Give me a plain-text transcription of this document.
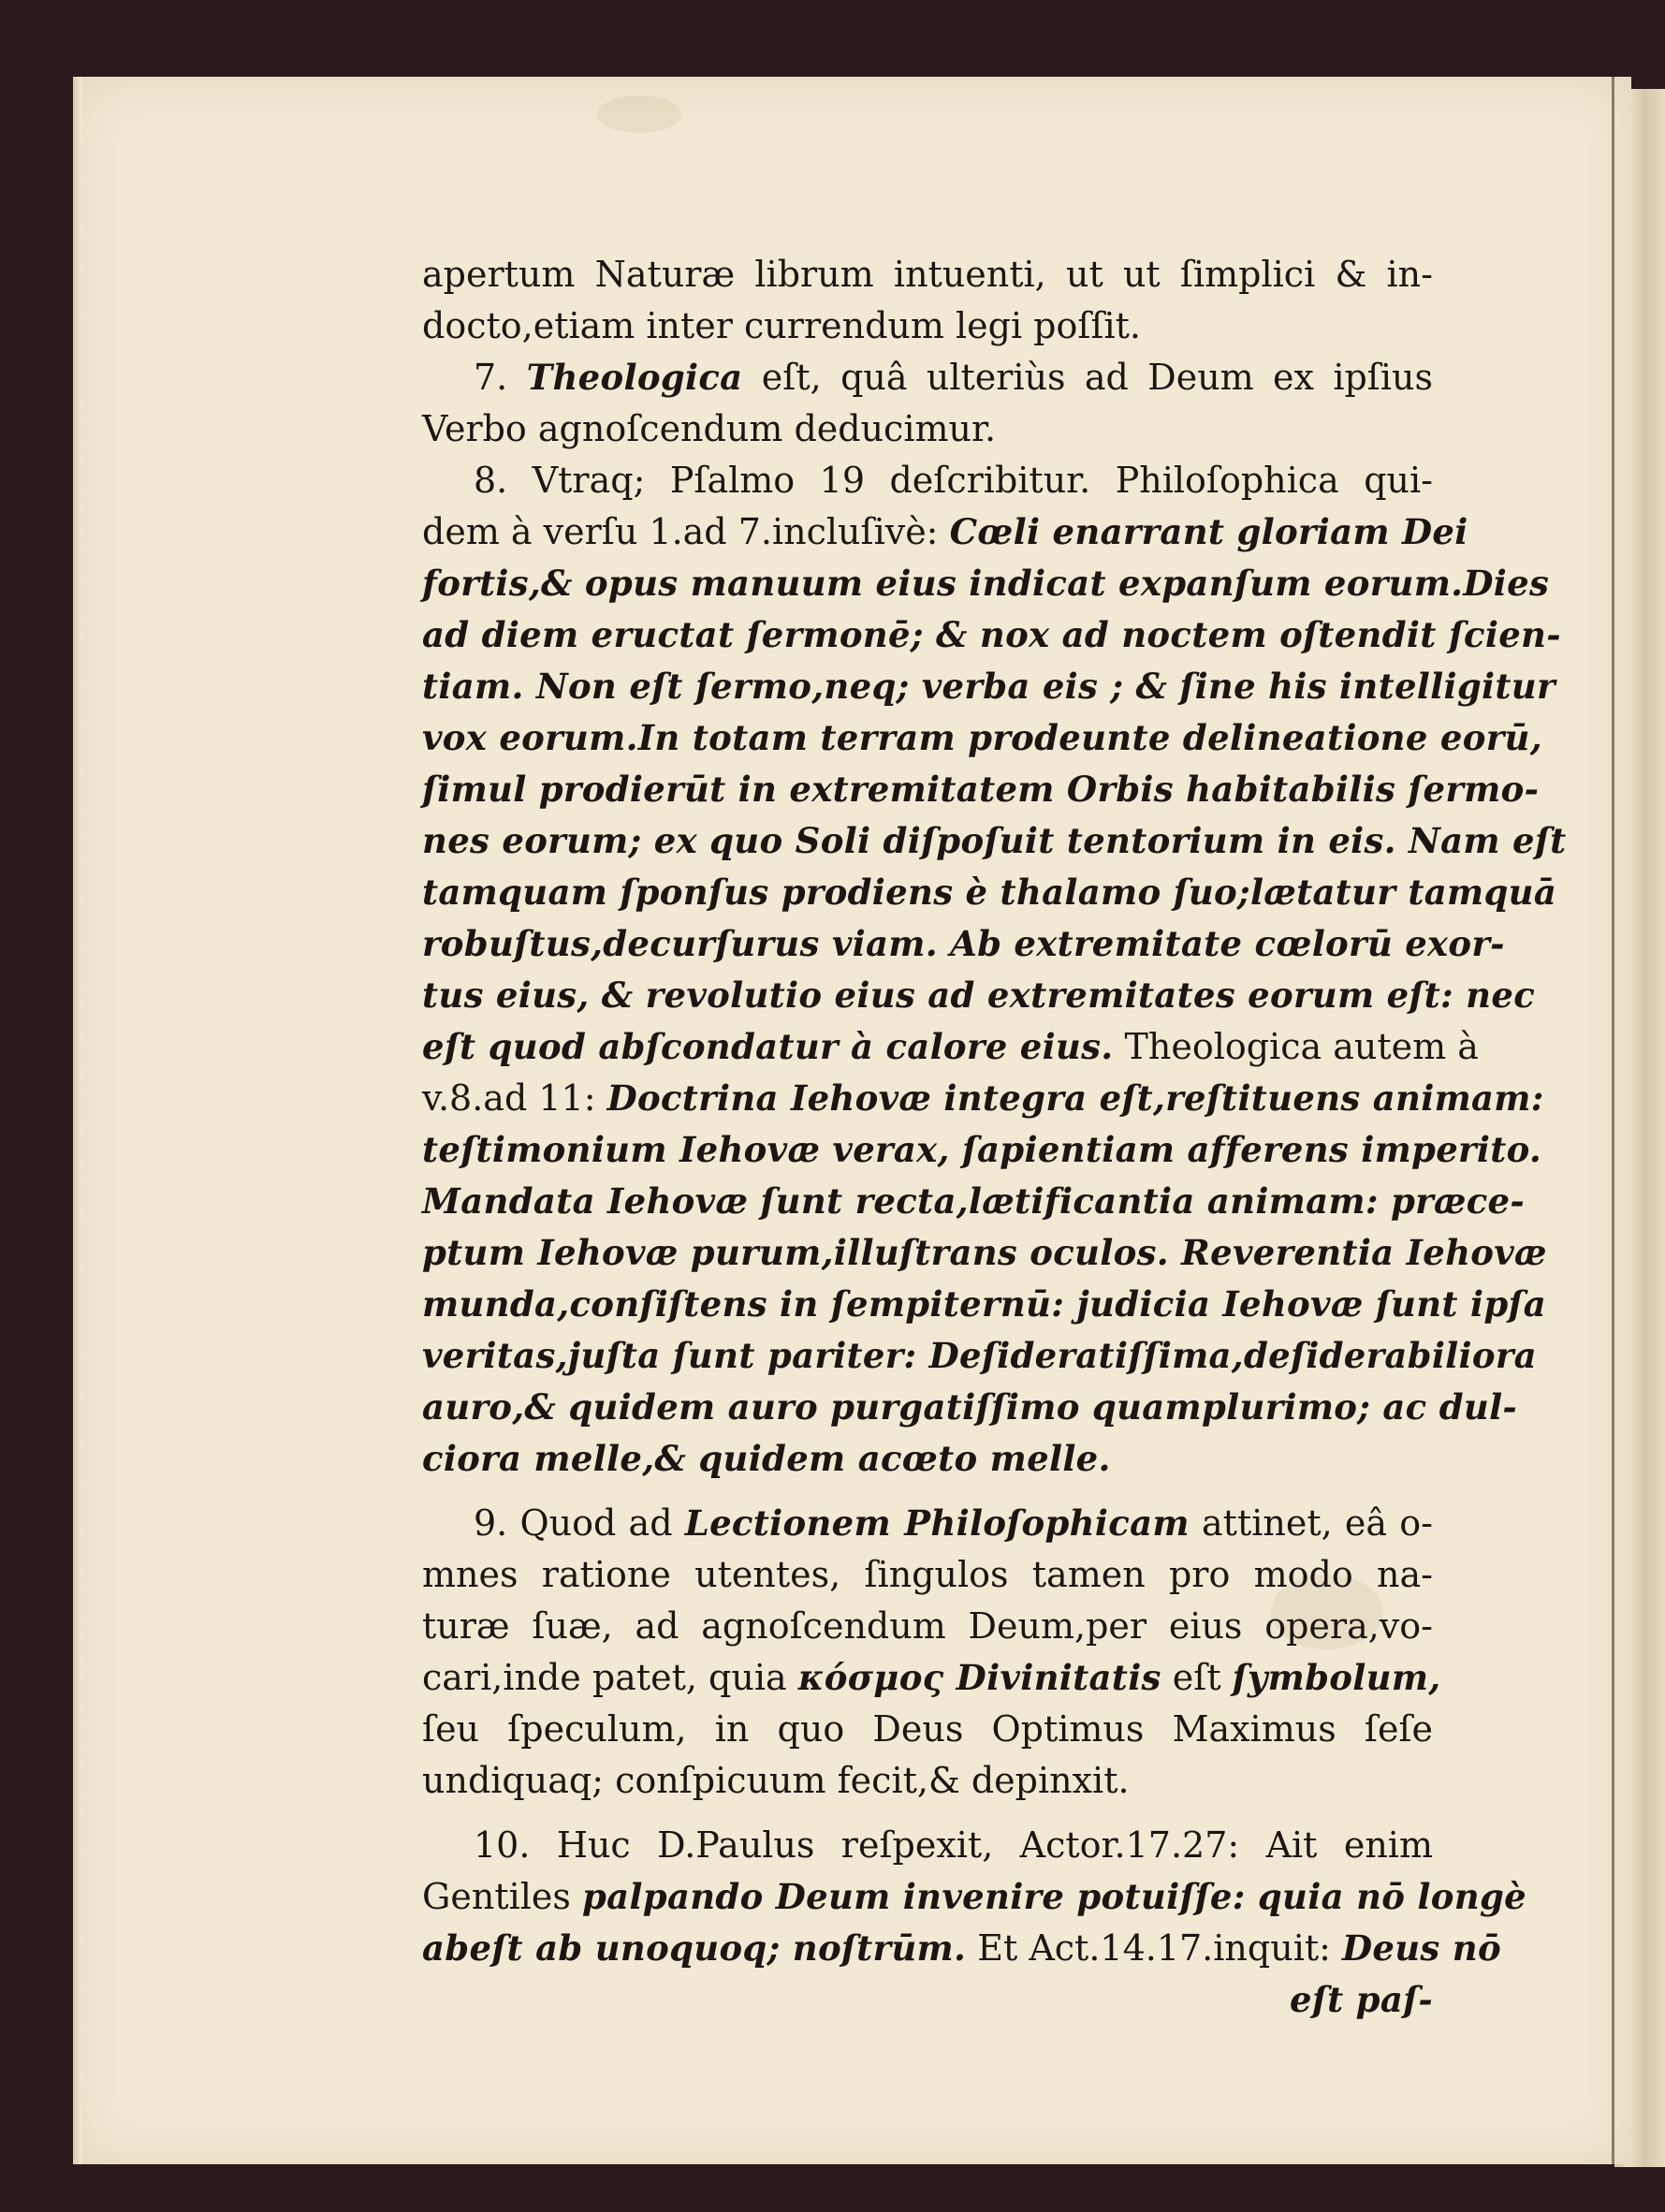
apertum Naturæ librum intuenti, ut ut ſimplici & in-
docto,etiam inter currendum legi poſſit.
7. Theologica eſt, quâ ulteriùs ad Deum ex ipſius
Verbo agnoſcendum deducimur.
8. Vtraq; Pſalmo 19 deſcribitur. Philoſophica qui-
dem à verſu 1.ad 7.incluſivè: Cœli enarrant gloriam Dei
fortis,& opus manuum eius indicat expanſum eorum.Dies
ad diem eructat ſermonē; & nox ad noctem oſtendit ſcien-
tiam. Non eſt ſermo,neq; verba eis ; & ſine his intelligitur
vox eorum.In totam terram prodeunte delineatione eorū,
ſimul prodierūt in extremitatem Orbis habitabilis ſermo-
nes eorum; ex quo Soli diſpoſuit tentorium in eis. Nam eſt
tamquam ſponſus prodiens è thalamo ſuo;lætatur tamquā
robuſtus,decurſurus viam. Ab extremitate cœlorū exor-
tus eius, & revolutio eius ad extremitates eorum eſt: nec
eſt quod abſcondatur à calore eius. Theologica autem à
v.8.ad 11: Doctrina Iehovæ integra eſt,reſtituens animam:
teſtimonium Iehovæ verax, ſapientiam afferens imperito.
Mandata Iehovæ ſunt recta,lætificantia animam: præce-
ptum Iehovæ purum,illuſtrans oculos. Reverentia Iehovæ
munda,conſiſtens in ſempiternū: judicia Iehovæ ſunt ipſa
veritas,juſta ſunt pariter: Deſideratiſſima,deſiderabiliora
auro,& quidem auro purgatiſſimo quamplurimo; ac dul-
ciora melle,& quidem acœto melle.
9. Quod ad Lectionem Philoſophicam attinet, eâ o-
mnes ratione utentes, ſingulos tamen pro modo na-
turæ ſuæ, ad agnoſcendum Deum,per eius opera,vo-
cari,inde patet, quia κόσμος Divinitatis eſt ſymbolum,
ſeu ſpeculum, in quo Deus Optimus Maximus ſeſe
undiquaq; conſpicuum fecit,& depinxit.
10. Huc D.Paulus reſpexit, Actor.17.27: Ait enim
Gentiles palpando Deum invenire potuiſſe: quia nō longè
abeſt ab unoquoq; noſtrūm. Et Act.14.17.inquit: Deus nō
eſt paſ-
